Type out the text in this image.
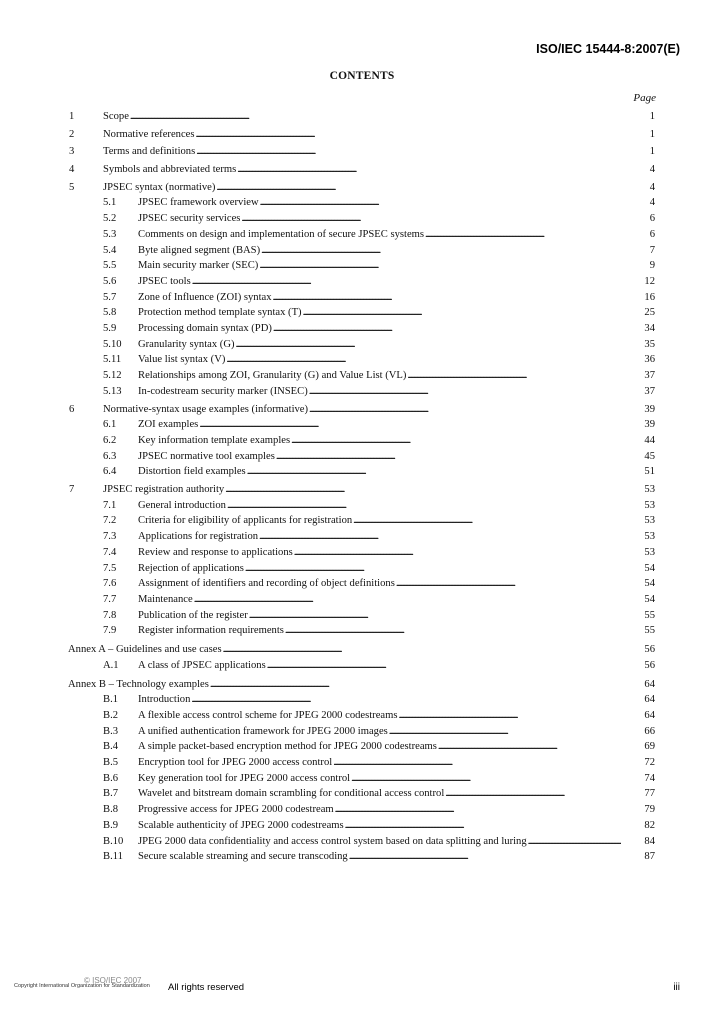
ISO/IEC 15444-8:2007(E)
CONTENTS
Page
1	Scope . . .	1
2	Normative references . . .	1
3	Terms and definitions . . .	1
4	Symbols and abbreviated terms . . .	4
5	JPSEC syntax (normative) . . .	4
5.1 JPSEC framework overview . . .	4
5.2 JPSEC security services . . .	6
5.3 Comments on design and implementation of secure JPSEC systems . . .	6
5.4 Byte aligned segment (BAS) . . .	7
5.5 Main security marker (SEC) . . .	9
5.6 JPSEC tools . . .	12
5.7 Zone of Influence (ZOI) syntax . . .	16
5.8 Protection method template syntax (T) . . .	25
5.9 Processing domain syntax (PD) . . .	34
5.10 Granularity syntax (G) . . .	35
5.11 Value list syntax (V) . . .	36
5.12 Relationships among ZOI, Granularity (G) and Value List (VL) . . .	37
5.13 In-codestream security marker (INSEC) . . .	37
6	Normative-syntax usage examples (informative) . . .	39
6.1 ZOI examples . . .	39
6.2 Key information template examples . . .	44
6.3 JPSEC normative tool examples . . .	45
6.4 Distortion field examples . . .	51
7	JPSEC registration authority . . .	53
7.1 General introduction . . .	53
7.2 Criteria for eligibility of applicants for registration . . .	53
7.3 Applications for registration . . .	53
7.4 Review and response to applications . . .	53
7.5 Rejection of applications . . .	54
7.6 Assignment of identifiers and recording of object definitions . . .	54
7.7 Maintenance . . .	54
7.8 Publication of the register . . .	55
7.9 Register information requirements . . .	55
Annex A – Guidelines and use cases . . .	56
A.1 A class of JPSEC applications . . .	56
Annex B – Technology examples . . .	64
B.1 Introduction . . .	64
B.2 A flexible access control scheme for JPEG 2000 codestreams . . .	64
B.3 A unified authentication framework for JPEG 2000 images . . .	66
B.4 A simple packet-based encryption method for JPEG 2000 codestreams . . .	69
B.5 Encryption tool for JPEG 2000 access control . . .	72
B.6 Key generation tool for JPEG 2000 access control . . .	74
B.7 Wavelet and bitstream domain scrambling for conditional access control . . .	77
B.8 Progressive access for JPEG 2000 codestream . . .	79
B.9 Scalable authenticity of JPEG 2000 codestreams . . .	82
B.10 JPEG 2000 data confidentiality and access control system based on data splitting and luring . . .	84
B.11 Secure scalable streaming and secure transcoding . . .	87
© ISO/IEC 2007
Copyright International Organization for Standardization All rights reserved	iii
